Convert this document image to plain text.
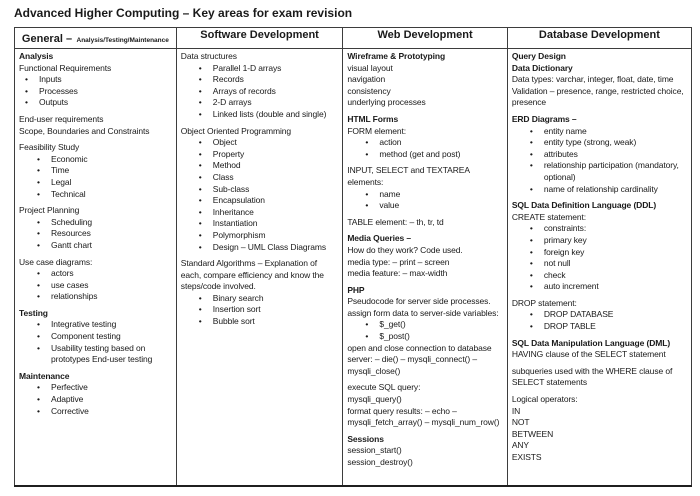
Advanced Higher Computing – Key areas for exam revision
General – Analysis/Testing/Maintenance	Software Development	Web Development	Database Development

Analysis
Functional Requirements
• Inputs
• Processes
• Outputs
End-user requirements
Scope, Boundaries and Constraints
Feasibility Study
• Economic
• Time
• Legal
• Technical
Project Planning
• Scheduling
• Resources
• Gantt chart
Use case diagrams:
• actors
• use cases
• relationships
Testing
• Integrative testing
• Component testing
• Usability testing based on prototypes End-user testing
Maintenance
• Perfective
• Adaptive
• Corrective

Data structures
• Parallel 1-D arrays
• Records
• Arrays of records
• 2-D arrays
• Linked lists (double and single)
Object Oriented Programming
• Object
• Property
• Method
• Class
• Sub-class
• Encapsulation
• Inheritance
• Instantiation
• Polymorphism
• Design – UML Class Diagrams
Standard Algorithms – Explanation of each, compare efficiency and know the steps/code involved.
• Binary search
• Insertion sort
• Bubble sort

Wireframe & Prototyping
visual layout
navigation
consistency
underlying processes
HTML Forms
FORM element:
• action
• method (get and post)
INPUT, SELECT and TEXTAREA elements:
• name
• value
TABLE element: – th, tr, td
Media Queries –
How do they work? Code used.
media type: – print – screen
media feature: – max-width
PHP
Pseudocode for server side processes.
assign form data to server-side variables:
• $_get()
• $_post()
open and close connection to database server: – die() – mysqli_connect() – mysqli_close()
execute SQL query:
mysqli_query()
format query results: – echo – mysqli_fetch_array() – mysqli_num_row()
Sessions
session_start()
session_destroy()

Query Design
Data Dictionary
Data types: varchar, integer, float, date, time
Validation – presence, range, restricted choice, presence
ERD Diagrams –
• entity name
• entity type (strong, weak)
• attributes
• relationship participation (mandatory, optional)
• name of relationship cardinality
SQL Data Definition Language (DDL)
CREATE statement:
• constraints:
• primary key
• foreign key
• not null
• check
• auto increment
DROP statement:
• DROP DATABASE
• DROP TABLE
SQL Data Manipulation Language (DML)
HAVING clause of the SELECT statement
subqueries used with the WHERE clause of SELECT statements
Logical operators:
IN
NOT
BETWEEN
ANY
EXISTS
